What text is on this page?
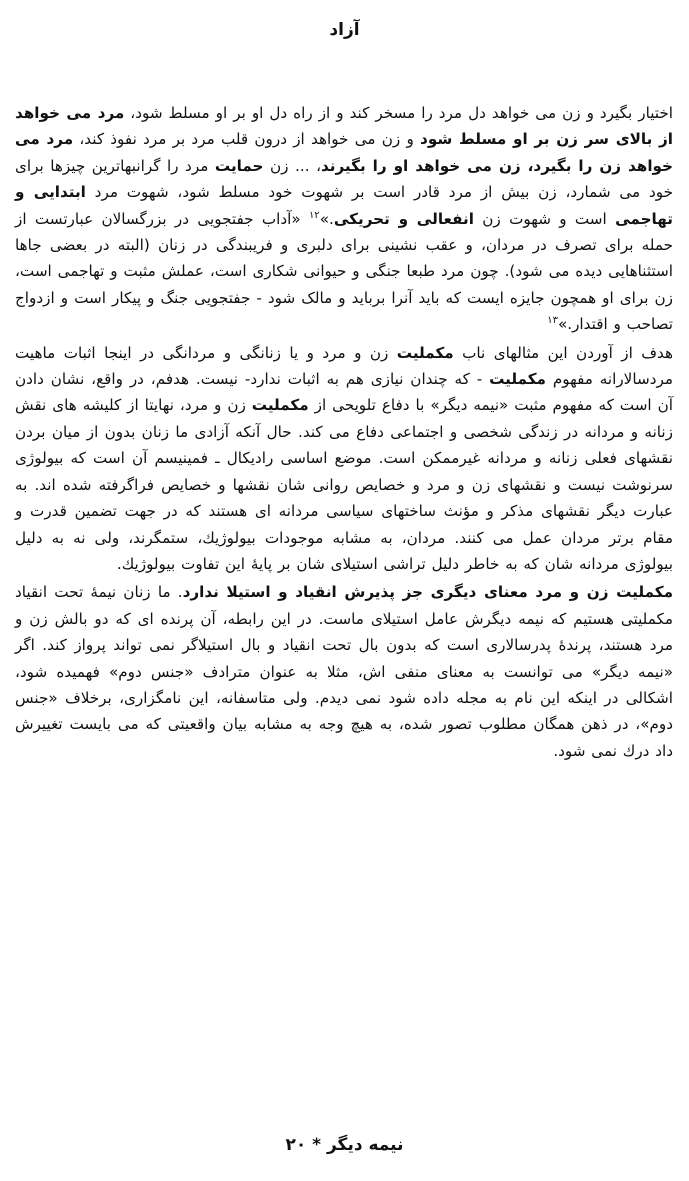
آزاد

اختیار بگیرد و زن می خواهد دل مرد را مسخر کند و از راه دل او بر او مسلط شود، مرد می خواهد از بالای سر زن بر او مسلط شود و زن می خواهد از درون قلب مرد بر مرد نفوذ کند، مرد می خواهد زن را بگیرد، زن می خواهد او را بگیرند، ... زن حمایت مرد را گرانبهاترین چیزها برای خود می شمارد، زن بیش از مرد قادر است بر شهوت خود مسلط شود، شهوت مرد ابتدایی و تهاجمی است و شهوت زن انفعالی و تحریکی.»$^{۱۲}$ «آداب جفتجویی در بزرگسالان عبارتست از حمله برای تصرف در مردان، و عقب نشینی برای دلبری و فریبندگی در زنان (البته در بعضی جاها استثناهایی دیده می شود). چون مرد طبعا جنگی و حیوانی شکاری است، عملش مثبت و تهاجمی است، زن برای او همچون جایزه ایست که باید آنرا برباید و مالک شود - جفتجویی جنگ و پیکار است و ازدواج تصاحب و اقتدار.»$^{۱۳}$

هدف از آوردن این مثالهای ناب مکملیت زن و مرد و یا زنانگی و مردانگی در اینجا اثبات ماهیت مردسالارانه مفهوم مکملیت - که چندان نیازی هم به اثبات ندارد- نیست. هدفم، در واقع، نشان دادن آن است که مفهوم مثبت «نیمه دیگر» با دفاع تلویحی از مکملیت زن و مرد، نهایتا از کلیشه های نقش زنانه و مردانه در زندگی شخصی و اجتماعی دفاع می کند. حال آنکه آزادی ما زنان بدون از میان بردن نقشهای فعلی زنانه و مردانه غیرممکن است. موضع اساسی رادیکال ـ فمینیسم آن است که بیولوژی سرنوشت نیست و نقشهای زن و مرد و خصایص روانی شان نقشها و خصایص فراگرفته شده اند. به عبارت دیگر نقشهای مذکر و مؤنث ساختهای سیاسی مردانه ای هستند که در جهت تضمین قدرت و مقام برتر مردان عمل می کنند. مردان، به مشابه موجودات بیولوژیك، ستمگرند، ولی نه به دلیل بیولوژی مردانه شان که به خاطر دلیل تراشی استیلای شان بر پایهٔ این تفاوت بیولوژیك.

مکملیت زن و مرد معنای دیگری جز پذیرش انقیاد و استیلا ندارد. ما زنان نیمهٔ تحت انقیاد مکملیتی هستیم که نیمه دیگرش عامل استیلای ماست. در این رابطه، آن پرنده ای که دو بالش زن و مرد هستند، پرندهٔ پدرسالاری است که بدون بال تحت انقیاد و بال استیلاگر نمی تواند پرواز کند. اگر «نیمه دیگر» می توانست به معنای منفی اش، مثلا به عنوان مترادف «جنس دوم» فهمیده شود، اشکالی در اینکه این نام به مجله داده شود نمی دیدم. ولی متاسفانه، این نامگزاری، برخلاف «جنس دوم»، در ذهن همگان مطلوب تصور شده، به هیچ وجه به مشابه بیان واقعیتی که می بایست تغییرش داد درك نمی شود.

نیمه دیگر * ۲۰
